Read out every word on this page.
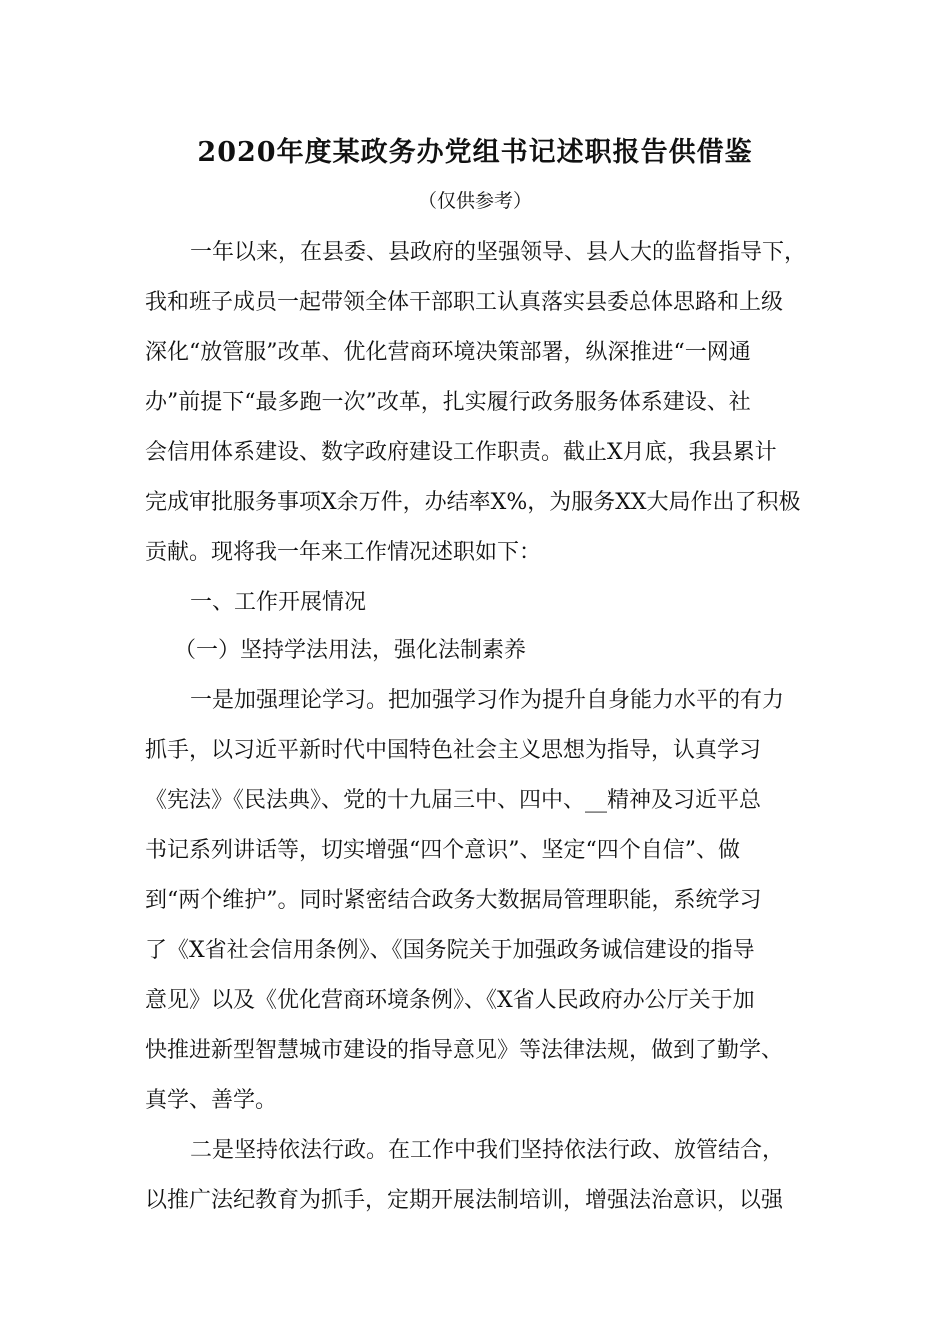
2020年度某政务办党组书记述职报告供借鉴
（仅供参考）
一年以来，在县委、县政府的坚强领导、县人大的监督指导下，
我和班子成员一起带领全体干部职工认真落实县委总体思路和上级
深化“放管服”改革、优化营商环境决策部署，纵深推进“一网通
办”前提下“最多跑一次”改革，扎实履行政务服务体系建设、社
会信用体系建设、数字政府建设工作职责。截止X月底，我县累计
完成审批服务事项X余万件，办结率X%，为服务XX大局作出了积极
贡献。现将我一年来工作情况述职如下：
一、工作开展情况
（一）坚持学法用法，强化法制素养
一是加强理论学习。把加强学习作为提升自身能力水平的有力
抓手，以习近平新时代中国特色社会主义思想为指导，认真学习
《宪法》《民法典》、党的十九届三中、四中、__精神及习近平总
书记系列讲话等，切实增强“四个意识”、坚定“四个自信”、做
到“两个维护”。同时紧密结合政务大数据局管理职能，系统学习
了《X省社会信用条例》、《国务院关于加强政务诚信建设的指导
意见》以及《优化营商环境条例》、《X省人民政府办公厅关于加
快推进新型智慧城市建设的指导意见》等法律法规，做到了勤学、
真学、善学。
二是坚持依法行政。在工作中我们坚持依法行政、放管结合，
以推广法纪教育为抓手，定期开展法制培训，增强法治意识，以强
